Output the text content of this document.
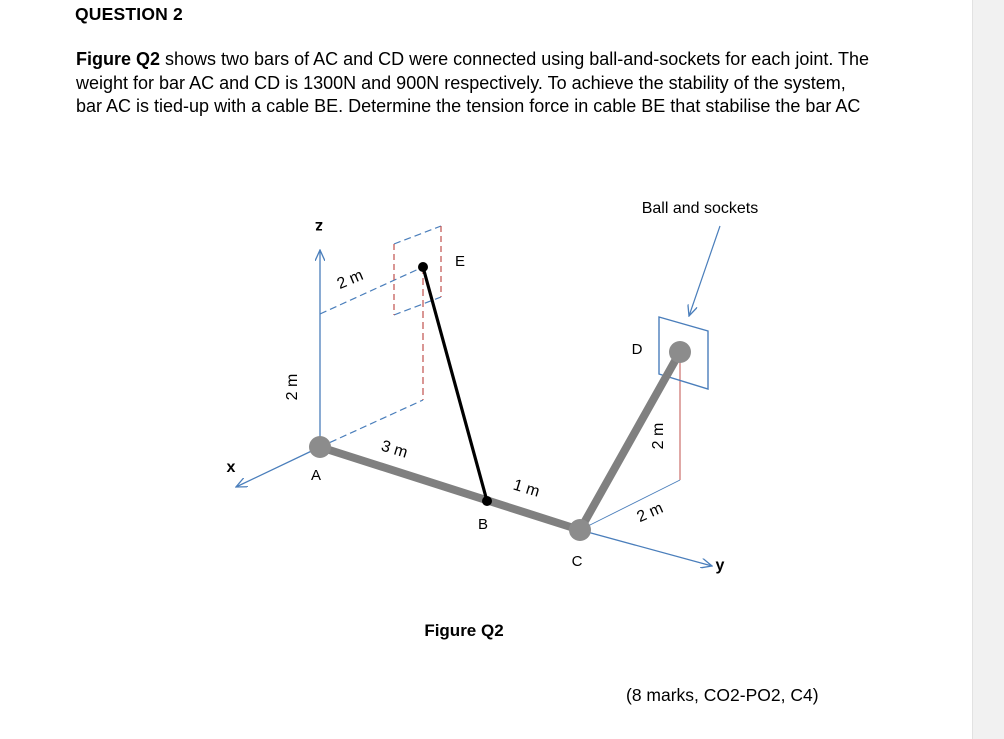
QUESTION 2
Figure Q2 shows two bars of AC and CD were connected using ball-and-sockets for each joint. The weight for bar AC and CD is 1300N and 900N respectively. To achieve the stability of the system, bar AC is tied-up with a cable BE. Determine the tension force in cable BE that stabilise the bar AC
z
x
y
A
B
C
D
E
2 m
2 m
3 m
1 m
2 m
2 m
Ball and sockets
Figure Q2
(8 marks, CO2-PO2, C4)
